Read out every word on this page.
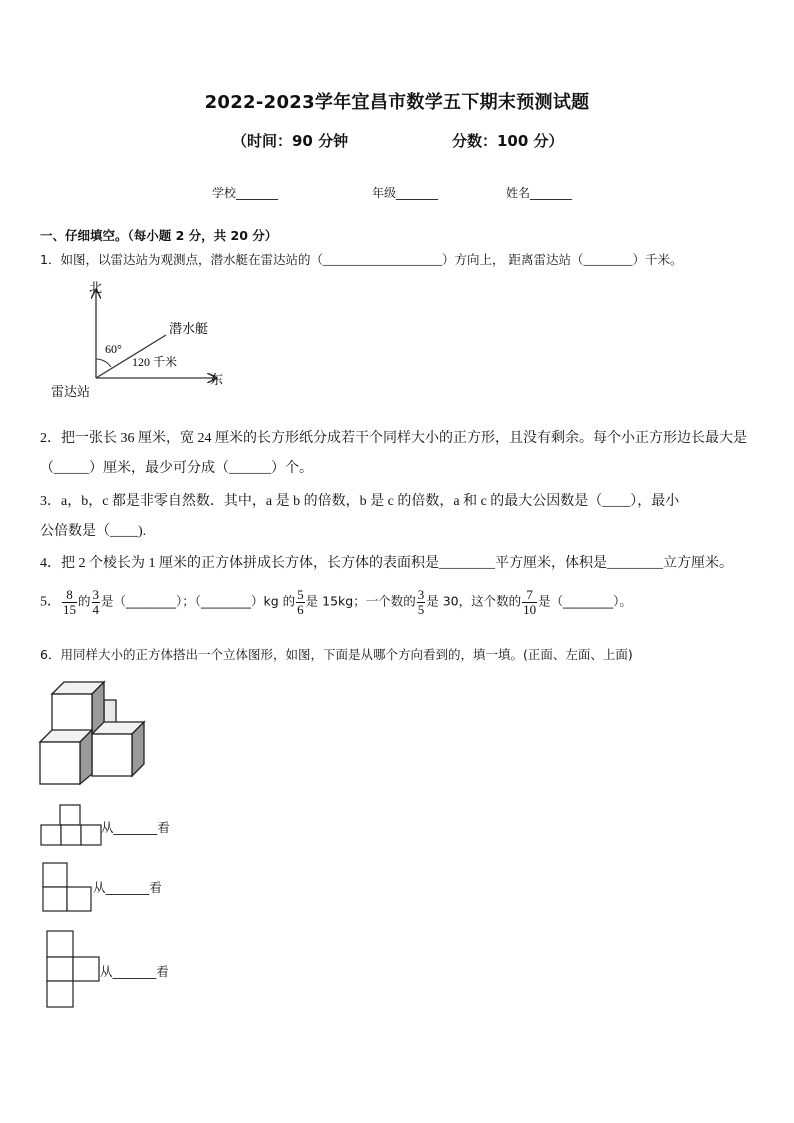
2022-2023学年宜昌市数学五下期末预测试题
（时间：90 分钟	分数：100 分）
学校_______	年级_______	姓名_______
一、仔细填空。（每小题 2 分，共 20 分）
1．如图，以雷达站为观测点，潜水艇在雷达站的（_________________）方向上， 距离雷达站（_______）千米。
北
东
雷达站
潜水艇
60°
120 千米
2．把一张长 36 厘米，宽 24 厘米的长方形纸分成若干个同样大小的正方形，且没有剩余。每个小正方形边长最大是
（_____）厘米，最少可分成（______）个。
3．a，b，c 都是非零自然数．其中，a 是 b 的倍数，b 是 c 的倍数，a 和 c 的最大公因数是（____），最小
公倍数是（____).
4．把 2 个棱长为 1 厘米的正方体拼成长方体，长方体的表面积是________平方厘米，体积是________立方厘米。
5． $\frac{8}{15}$ 的 $\frac{3}{4}$ 是（________）；（________）kg 的 $\frac{5}{6}$ 是 15kg；一个数的 $\frac{3}{5}$ 是 30，这个数的 $\frac{7}{10}$ 是（________）。
6．用同样大小的正方体搭出一个立体图形，如图，下面是从哪个方向看到的，填一填。(正面、左面、上面)
从_______看
从_______看
从_______看
